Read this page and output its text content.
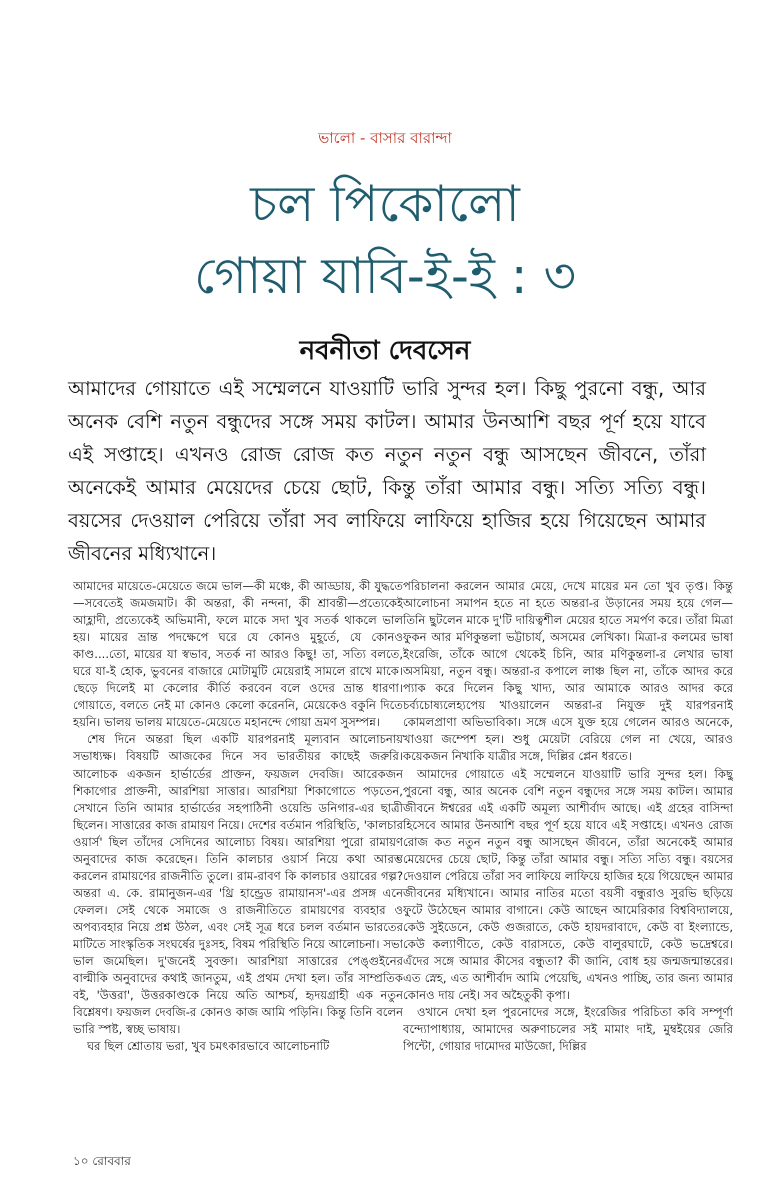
ভালো - বাসার বারান্দা
চল পিকোলো
গোয়া যাবি-ই-ই : ৩
নবনীতা দেবসেন
আমাদের গোয়াতে এই সম্মেলনে যাওয়াটি ভারি সুন্দর হল। কিছু পুরনো বন্ধু, আর অনেক বেশি নতুন বন্ধুদের সঙ্গে সময় কাটল। আমার উনআশি বছর পূর্ণ হয়ে যাবে এই সপ্তাহে। এখনও রোজ রোজ কত নতুন নতুন বন্ধু আসছেন জীবনে, তাঁরা অনেকেই আমার মেয়েদের চেয়ে ছোট, কিন্তু তাঁরা আমার বন্ধু। সত্যি সত্যি বন্ধু। বয়সের দেওয়াল পেরিয়ে তাঁরা সব লাফিয়ে লাফিয়ে হাজির হয়ে গিয়েছেন আমার জীবনের মধ্যিখানে।

আমাদের মায়েতে-মেয়েতে জমে ভাল—কী মঞ্চে, কী আড্ডায়, কী যুদ্ধতে—সবেতেই জমজমাট। কী অন্তরা, কী নন্দনা, কী শ্রাবন্তী—প্রত্যেকেই আহ্লাদী, প্রত্যেকেই অভিমানী, ফলে মাকে সদা খুব সতর্ক থাকলে ভাল হয়। মায়ের ভ্রান্ত পদক্ষেপে ঘরে যে কোনও মুহূর্তে, যে কোনও কাণ্ড....তো, মায়ের যা স্বভাব, সতর্ক না আরও কিছু! তা, সত্যি বলতে, ঘরে যা-ই হোক, ভুবনের বাজারে মোটামুটি মেয়েরাই সামলে রাখে মাকে। ছেড়ে দিলেই মা কেলোর কীর্তি করবেন বলে ওদের ভ্রান্ত ধারণা। গোয়াতে, বলতে নেই মা কোনও কেলো করেননি, মেয়েকেও বকুনি দিতে হয়নি। ভালয় ভালয় মায়েতে-মেয়েতে মহানন্দে গোয়া ভ্রমণ সুসম্পন্ন।

শেষ দিনে অন্তরা ছিল একটি যারপরনাই মূল্যবান আলোচনায় সভাধ্যক্ষ। বিষয়টি আজকের দিনে সব ভারতীয়র কাছেই জরুরি। আলোচক একজন হার্ভার্ডের প্রাক্তন, ফয়জল দেবজি। আরেকজন শিকাগোর প্রাক্তনী, আরশিয়া সাত্তার। আরশিয়া শিকাগোতে পড়তেন, সেখানে তিনি আমার হার্ভার্ডের সহপাঠিনী ওয়েন্ডি ডনিগার-এর ছাত্রী ছিলেন। সাত্তারের কাজ রামায়ণ নিয়ে। দেশের বর্তমান পরিস্থিতি, 'কালচার ওয়ার্স' ছিল তাঁদের সেদিনের আলোচ্য বিষয়। আরশিয়া পুরো রামায়ণ অনুবাদের কাজ করেছেন। তিনি কালচার ওয়ার্স নিয়ে কথা আরম্ভ করলেন রামায়ণের রাজনীতি তুলে। রাম-রাবণ কি কালচার ওয়ারের গল্প? অন্তরা এ. কে. রামানুজন-এর 'থ্রি হান্ড্রেড রামায়ানস'-এর প্রসঙ্গ এনে ফেলল। সেই থেকে সমাজে ও রাজনীতিতে রামায়ণের ব্যবহার ও অপব্যবহার নিয়ে প্রশ্ন উঠল, এবং সেই সূত্র ধরে চলল বর্তমান ভারতের মাটিতে সাংস্কৃতিক সংঘর্ষের দুঃসহ, বিষম পরিস্থিতি নিয়ে আলোচনা। সভা ভাল জমেছিল। দু'জনেই সুবক্তা। আরশিয়া সাত্তারের পেঙ্গুইনের বাল্মীকি অনুবাদের কথাই জানতুম, এই প্রথম দেখা হল। তাঁর সাম্প্রতিক বই, 'উত্তরা', উত্তরকাণ্ডকে নিয়ে অতি আশ্চর্য, হৃদয়গ্রাহী এক নতুন বিশ্লেষণ। ফয়জল দেবজি-র কোনও কাজ আমি পড়িনি। কিন্তু তিনি বলেন ভারি স্পষ্ট, স্বচ্ছ ভাষায়।

ঘর ছিল শ্রোতায় ভরা, খুব চমৎকারভাবে আলোচনাটি

পরিচালনা করলেন আমার মেয়ে, দেখে মায়ের মন তো খুব তৃপ্ত। কিন্তু আলোচনা সমাপন হতে না হতে অন্তরা-র উড়ানের সময় হয়ে গেল—তিনি ছুটলেন মাকে দু'টি দায়িত্বশীল মেয়ের হাতে সমর্পণ করে। তাঁরা মিত্রা ফুকন আর মণিকুন্তলা ভট্টাচার্য, অসমের লেখিকা। মিত্রা-র কলমের ভাষা ইংরেজি, তাঁকে আগে থেকেই চিনি, আর মণিকুন্তলা-র লেখার ভাষা অসমিয়া, নতুন বন্ধু। অন্তরা-র কপালে লাঞ্চ ছিল না, তাঁকে আদর করে প্যাক করে দিলেন কিছু খাদ্য, আর আমাকে আরও আদর করে চর্ব্যচোষ্যলেহ্যপেয় খাওয়ালেন অন্তরা-র নিযুক্ত দুই যারপরনাই কোমলপ্রাণা অভিভাবিকা। সঙ্গে এসে যুক্ত হয়ে গেলেন আরও অনেকে, খাওয়া জম্পেশ হল। শুধু মেয়েটা বেরিয়ে গেল না খেয়ে, আরও কয়েকজন নিখাকি যাত্রীর সঙ্গে, দিল্লির প্লেন ধরতে।

আমাদের গোয়াতে এই সম্মেলনে যাওয়াটি ভারি সুন্দর হল। কিছু পুরনো বন্ধু, আর অনেক বেশি নতুন বন্ধুদের সঙ্গে সময় কাটল। আমার জীবনে ঈশ্বরের এই একটি অমূল্য আশীর্বাদ আছে। এই গ্রহের বাসিন্দা হিসেবে আমার উনআশি বছর পূর্ণ হয়ে যাবে এই সপ্তাহে। এখনও রোজ রোজ কত নতুন নতুন বন্ধু আসছেন জীবনে, তাঁরা অনেকেই আমার মেয়েদের চেয়ে ছোট, কিন্তু তাঁরা আমার বন্ধু। সত্যি সত্যি বন্ধু। বয়সের দেওয়াল পেরিয়ে তাঁরা সব লাফিয়ে লাফিয়ে হাজির হয়ে গিয়েছেন আমার জীবনের মধ্যিখানে। আমার নাতির মতো বয়সী বন্ধুরাও সুরভি ছড়িয়ে ফুটে উঠেছেন আমার বাগানে। কেউ আছেন আমেরিকার বিশ্ববিদ্যালয়ে, কেউ সুইডেনে, কেউ গুজরাতে, কেউ হায়দরাবাদে, কেউ বা ইংল্যান্ডে, কেউ কল্যাণীতে, কেউ বারাসতে, কেউ বালুরঘাটে, কেউ ভদ্রেশ্বরে। এঁদের সঙ্গে আমার কীসের বন্ধুতা? কী জানি, বোধ হয় জন্মজন্মান্তরের। এত স্নেহ, এত আশীর্বাদ আমি পেয়েছি, এখনও পাচ্ছি, তার জন্য আমার কোনও দায় নেই। সব অহৈতুকী কৃপা।

ওখানে দেখা হল পুরনোদের সঙ্গে, ইংরেজির পরিচিতা কবি সম্পূর্ণা বন্দ্যোপাধ্যায়, আমাদের অরুণাচলের সই মামাং দাই, মুম্বইয়ের জেরি পিন্টো, গোয়ার দামোদর মাউজো, দিল্লির

১০ রোববার
